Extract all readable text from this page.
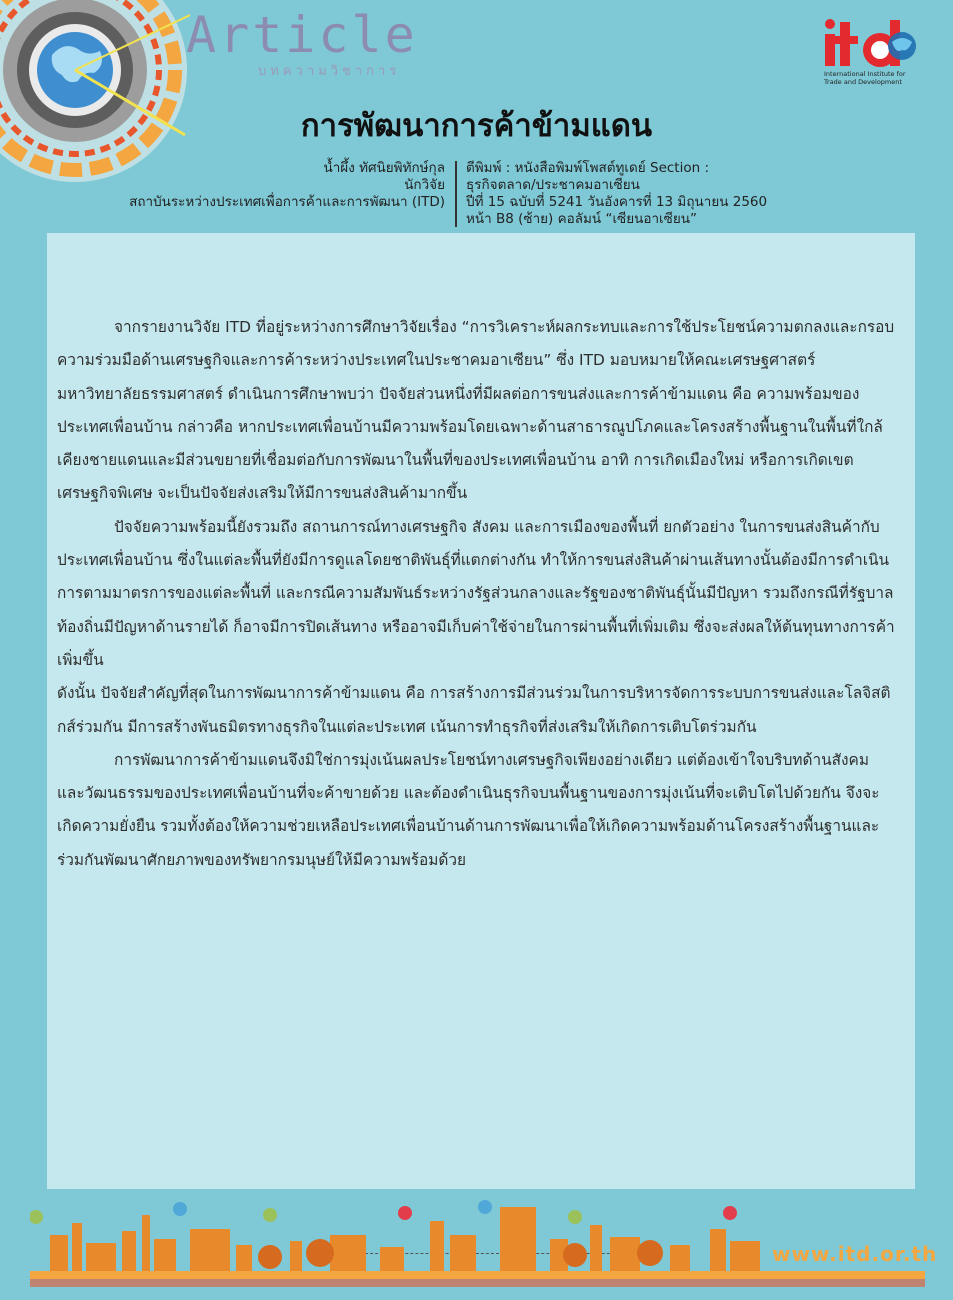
Article
บทความวิชาการ	International Institute for Trade and Development
การพัฒนาการค้าข้ามแดน
น้ำผึ้ง ทัศนิยพิทักษ์กุล
นักวิจัย
สถาบันระหว่างประเทศเพื่อการค้าและการพัฒนา (ITD)
ตีพิมพ์ : หนังสือพิมพ์โพสต์ทูเดย์ Section :
ธุรกิจตลาด/ประชาคมอาเซียน
ปีที่ 15 ฉบับที่ 5241 วันอังคารที่ 13 มิถุนายน 2560
หน้า B8 (ซ้าย) คอลัมน์ “เซียนอาเซียน”

จากรายงานวิจัย ITD ที่อยู่ระหว่างการศึกษาวิจัยเรื่อง “การวิเคราะห์ผลกระทบและการใช้ประโยชน์ความตกลงและกรอบความร่วมมือด้านเศรษฐกิจและการค้าระหว่างประเทศในประชาคมอาเซียน” ซึ่ง ITD มอบหมายให้คณะเศรษฐศาสตร์ มหาวิทยาลัยธรรมศาสตร์ ดำเนินการศึกษาพบว่า ปัจจัยส่วนหนึ่งที่มีผลต่อการขนส่งและการค้าข้ามแดน คือ ความพร้อมของประเทศเพื่อนบ้าน กล่าวคือ หากประเทศเพื่อนบ้านมีความพร้อมโดยเฉพาะด้านสาธารณูปโภคและโครงสร้างพื้นฐานในพื้นที่ใกล้เคียงชายแดนและมีส่วนขยายที่เชื่อมต่อกับการพัฒนาในพื้นที่ของประเทศเพื่อนบ้าน อาทิ การเกิดเมืองใหม่ หรือการเกิดเขตเศรษฐกิจพิเศษ จะเป็นปัจจัยส่งเสริมให้มีการขนส่งสินค้ามากขึ้น

ปัจจัยความพร้อมนี้ยังรวมถึง สถานการณ์ทางเศรษฐกิจ สังคม และการเมืองของพื้นที่ ยกตัวอย่าง ในการขนส่งสินค้ากับประเทศเพื่อนบ้าน ซึ่งในแต่ละพื้นที่ยังมีการดูแลโดยชาติพันธุ์ที่แตกต่างกัน ทำให้การขนส่งสินค้าผ่านเส้นทางนั้นต้องมีการดำเนินการตามมาตรการของแต่ละพื้นที่ และกรณีความสัมพันธ์ระหว่างรัฐส่วนกลางและรัฐของชาติพันธุ์นั้นมีปัญหา รวมถึงกรณีที่รัฐบาลท้องถิ่นมีปัญหาด้านรายได้ ก็อาจมีการปิดเส้นทาง หรืออาจมีเก็บค่าใช้จ่ายในการผ่านพื้นที่เพิ่มเติม ซึ่งจะส่งผลให้ต้นทุนทางการค้าเพิ่มขึ้น

ดังนั้น ปัจจัยสำคัญที่สุดในการพัฒนาการค้าข้ามแดน คือ การสร้างการมีส่วนร่วมในการบริหารจัดการระบบการขนส่งและโลจิสติกส์ร่วมกัน มีการสร้างพันธมิตรทางธุรกิจในแต่ละประเทศ เน้นการทำธุรกิจที่ส่งเสริมให้เกิดการเติบโตร่วมกัน

การพัฒนาการค้าข้ามแดนจึงมิใช่การมุ่งเน้นผลประโยชน์ทางเศรษฐกิจเพียงอย่างเดียว แต่ต้องเข้าใจบริบทด้านสังคมและวัฒนธรรมของประเทศเพื่อนบ้านที่จะค้าขายด้วย และต้องดำเนินธุรกิจบนพื้นฐานของการมุ่งเน้นที่จะเติบโตไปด้วยกัน จึงจะเกิดความยั่งยืน รวมทั้งต้องให้ความช่วยเหลือประเทศเพื่อนบ้านด้านการพัฒนาเพื่อให้เกิดความพร้อมด้านโครงสร้างพื้นฐานและร่วมกันพัฒนาศักยภาพของทรัพยากรมนุษย์ให้มีความพร้อมด้วย

www.itd.or.th
